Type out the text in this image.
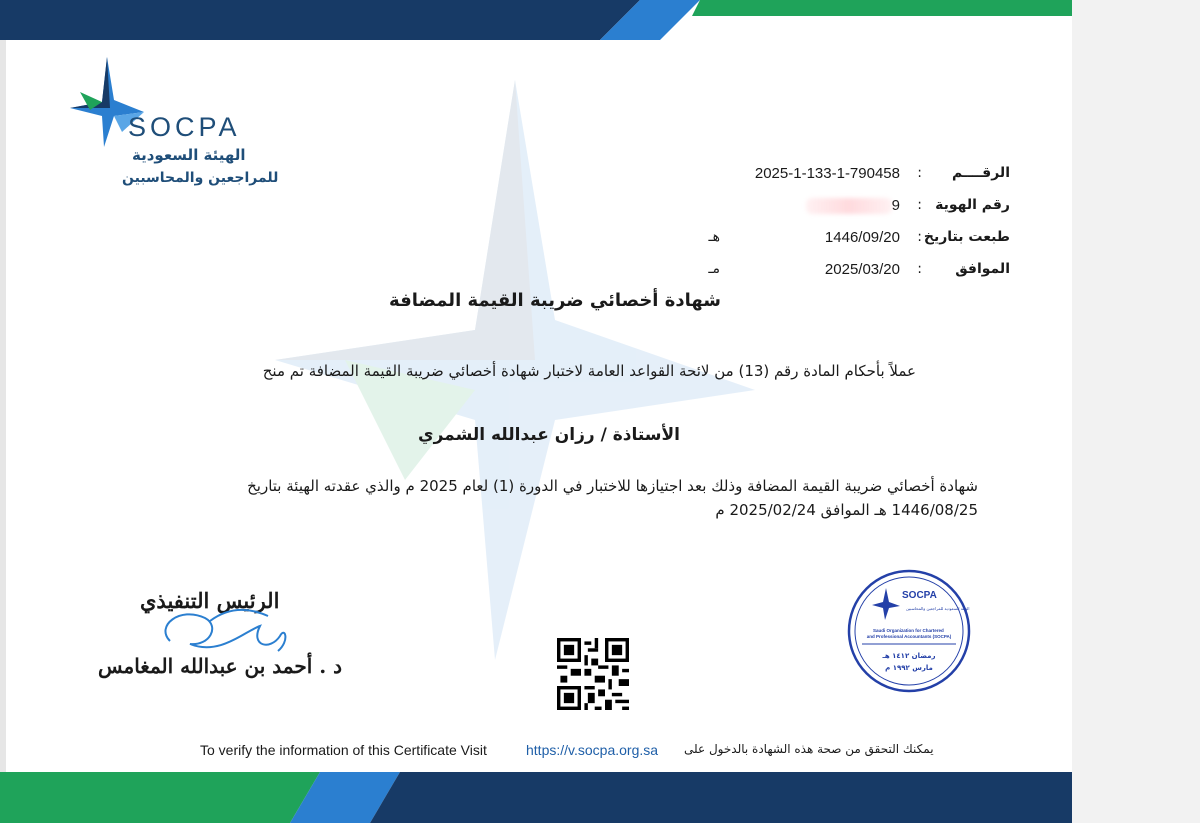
SOCPA
الهيئة السعودية
للمراجعين والمحاسبين	الرقــــم
:
2025-1-133-1-790458
رقم الهوية
:
9
طبعت بتاريخ
:
1446/09/20
هـ
الموافق
:
2025/03/20
مـ
شهادة أخصائي ضريبة القيمة المضافة
عملاً بأحكام المادة رقم (13) من لائحة القواعد العامة لاختبار شهادة أخصائي ضريبة القيمة المضافة تم منح
الأستاذة / رزان عبدالله الشمري
شهادة أخصائي ضريبة القيمة المضافة وذلك بعد اجتيازها للاختبار في الدورة (1) لعام 2025 م والذي عقدته الهيئة بتاريخ
1446/08/25 هـ الموافق 2025/02/24 م
الرئيس التنفيذي
د . أحمد بن عبدالله المغامس
SOCPA
الهيئة السعودية للمراجعين والمحاسبين
Saudi Organization for Chartered and Professional Accountants (SOCPA)
Saudi Organization for Chartered and Professional Accountants (SOCPA)
رمضان ١٤١٢ هـ
مارس ١٩٩٢ م
To verify the information of this Certificate Visit	https://v.socpa.org.sa يمكنك التحقق من صحة هذه الشهادة بالدخول على
